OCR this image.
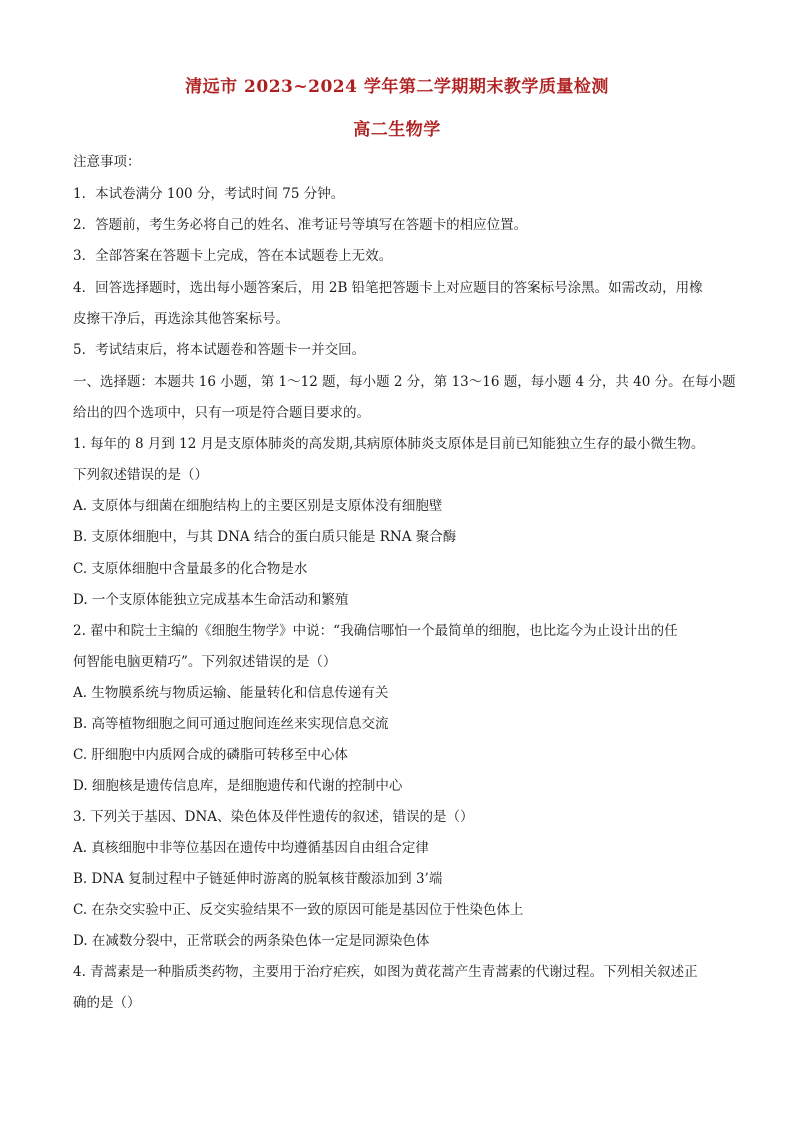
清远市 2023~2024 学年第二学期期末教学质量检测
高二生物学
注意事项：
1．本试卷满分 100 分，考试时间 75 分钟。
2．答题前，考生务必将自己的姓名、准考证号等填写在答题卡的相应位置。
3．全部答案在答题卡上完成，答在本试题卷上无效。
4．回答选择题时，选出每小题答案后，用 2B 铅笔把答题卡上对应题目的答案标号涂黑。如需改动，用橡
皮擦干净后，再选涂其他答案标号。
5．考试结束后，将本试题卷和答题卡一并交回。
一、选择题：本题共 16 小题，第 1～12 题，每小题 2 分，第 13～16 题，每小题 4 分，共 40 分。在每小题
给出的四个选项中，只有一项是符合题目要求的。
1. 每年的 8 月到 12 月是支原体肺炎的高发期,其病原体肺炎支原体是目前已知能独立生存的最小微生物。
下列叙述错误的是（）
A. 支原体与细菌在细胞结构上的主要区别是支原体没有细胞壁
B. 支原体细胞中，与其 DNA 结合的蛋白质只能是 RNA 聚合酶
C. 支原体细胞中含量最多的化合物是水
D. 一个支原体能独立完成基本生命活动和繁殖
2. 翟中和院士主编的《细胞生物学》中说：“我确信哪怕一个最简单的细胞，也比迄今为止设计出的任
何智能电脑更精巧”。下列叙述错误的是（）
A. 生物膜系统与物质运输、能量转化和信息传递有关
B. 高等植物细胞之间可通过胞间连丝来实现信息交流
C. 肝细胞中内质网合成的磷脂可转移至中心体
D. 细胞核是遗传信息库，是细胞遗传和代谢的控制中心
3. 下列关于基因、DNA、染色体及伴性遗传的叙述，错误的是（）
A. 真核细胞中非等位基因在遗传中均遵循基因自由组合定律
B. DNA 复制过程中子链延伸时游离的脱氧核苷酸添加到 3’端
C. 在杂交实验中正、反交实验结果不一致的原因可能是基因位于性染色体上
D. 在减数分裂中，正常联会的两条染色体一定是同源染色体
4. 青蒿素是一种脂质类药物，主要用于治疗疟疾，如图为黄花蒿产生青蒿素的代谢过程。下列相关叙述正
确的是（）
